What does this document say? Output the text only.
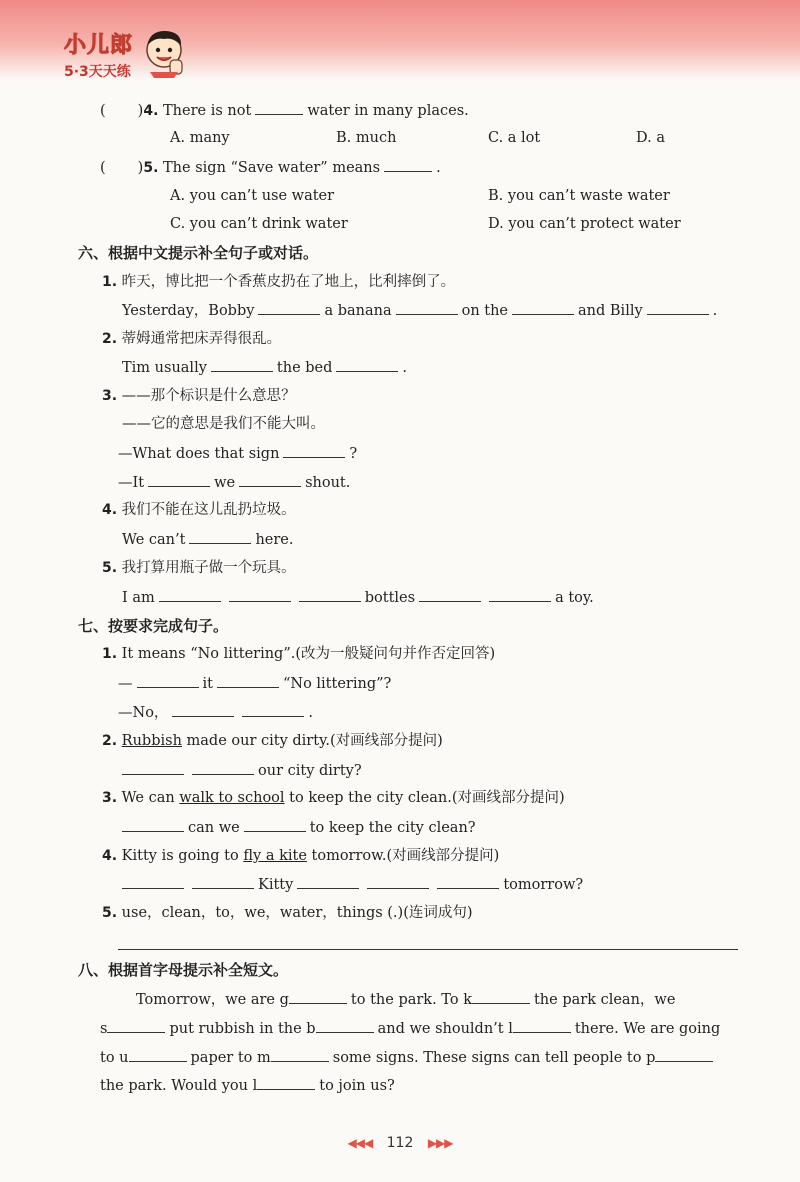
小儿郎
5·3天天练
( )4. There is not	water in many places.
A. many	B. much	C. a lot	D. a
( )5. The sign “Save water” means	.
A. you can’t use water	B. you can’t waste water
C. you can’t drink water	D. you can’t protect water
六、根据中文提示补全句子或对话。
1. 昨天，博比把一个香蕉皮扔在了地上，比利摔倒了。
Yesterday，Bobby	a banana	on the	and Billy	.
2. 蒂姆通常把床弄得很乱。
Tim usually	the bed	.
3. ——那个标识是什么意思？
——它的意思是我们不能大叫。
—What does that sign	?
—It	we	shout.
4. 我们不能在这儿乱扔垃圾。
We can’t	here.
5. 我打算用瓶子做一个玩具。
I am	bottles	a toy.
七、按要求完成句子。
1. It means “No littering”.(改为一般疑问句并作否定回答)
—	it	“No littering”?
—No，	.
2. Rubbish made our city dirty.(对画线部分提问)
our city dirty?
3. We can walk to school to keep the city clean.(对画线部分提问)
can we	to keep the city clean?
4. Kitty is going to fly a kite tomorrow.(对画线部分提问)
Kitty	tomorrow?
5. use，clean，to，we，water，things (.)(连词成句)
八、根据首字母提示补全短文。
Tomorrow，we are g	to the park. To k	the park clean，we
s	put rubbish in the b	and we shouldn’t l	there. We are going
to u	paper to m	some signs. These signs can tell people to p
the park. Would you l	to join us?
◀◀◀ 112 ▶▶▶
